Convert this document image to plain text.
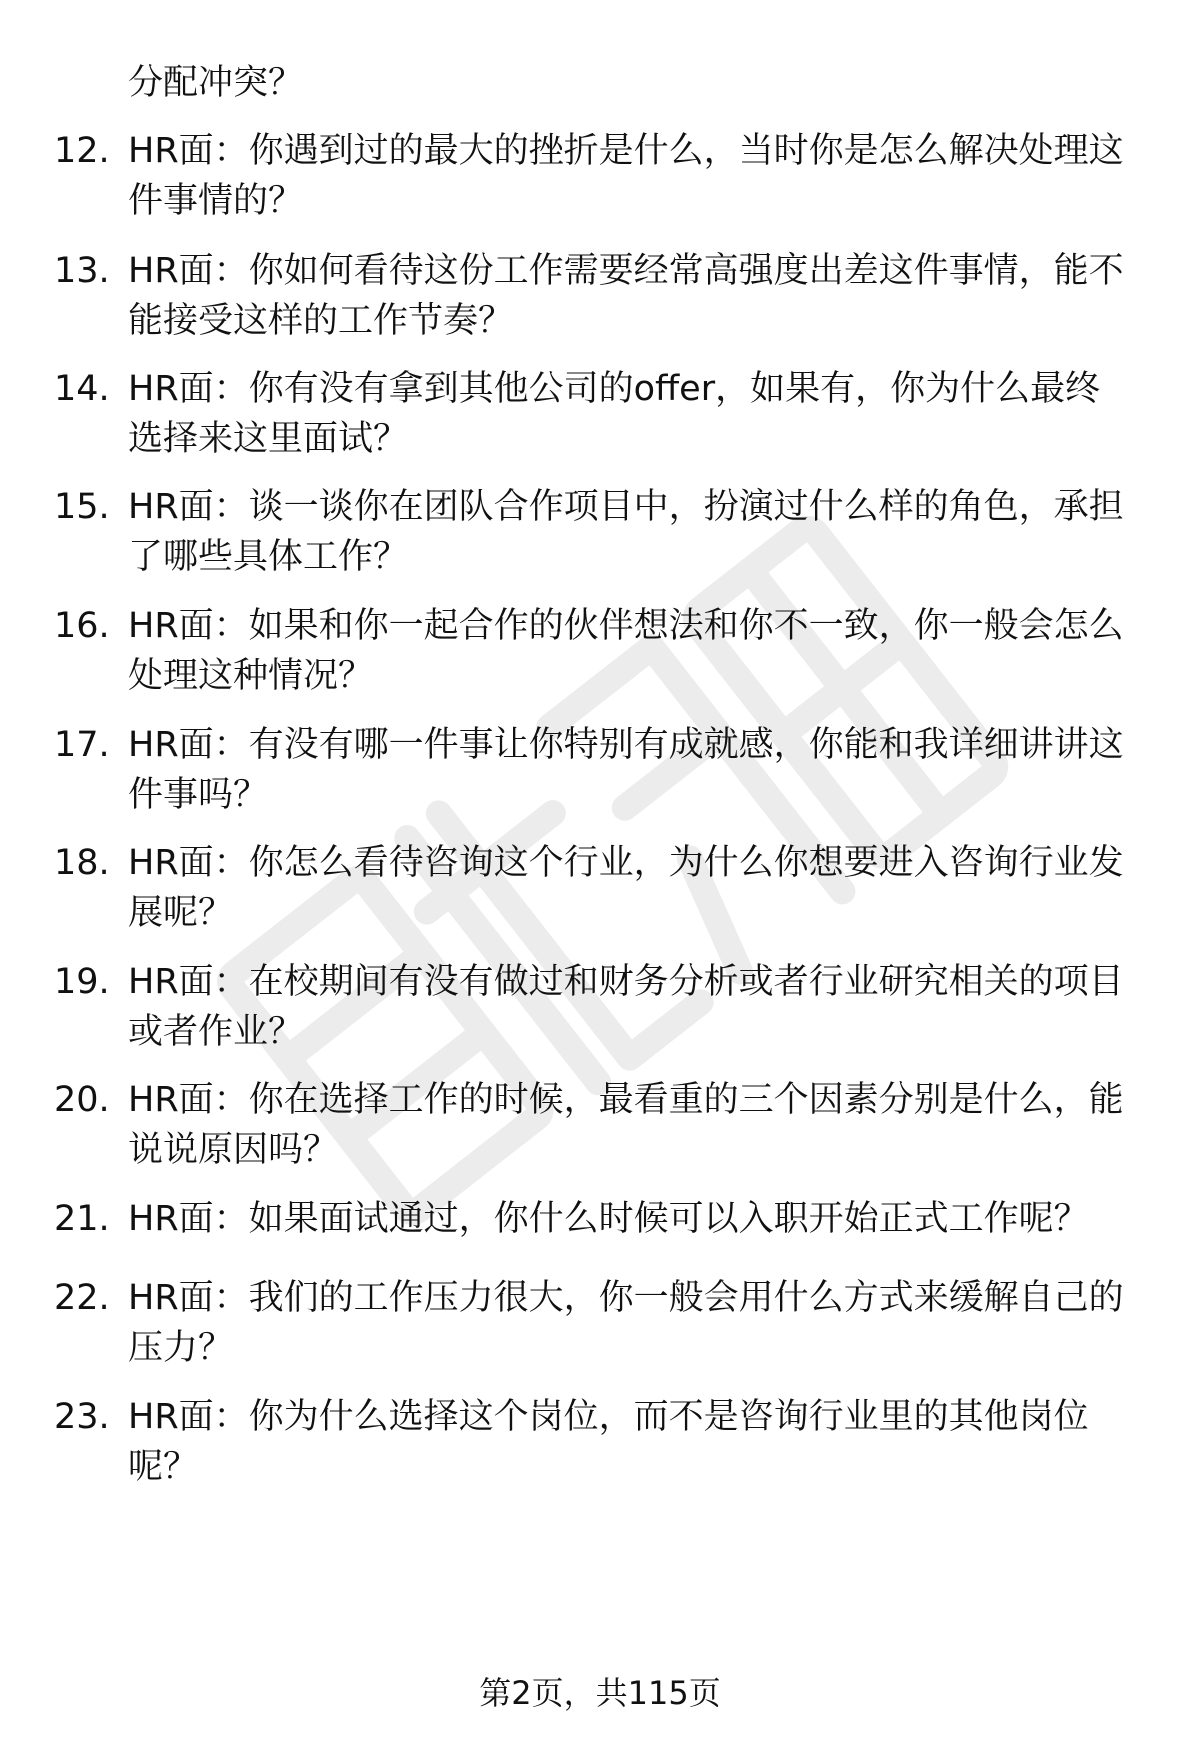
分配冲突？
12. HR面：你遇到过的最大的挫折是什么，当时你是怎么解决处理这
件事情的？
13. HR面：你如何看待这份工作需要经常高强度出差这件事情，能不
能接受这样的工作节奏？
14. HR面：你有没有拿到其他公司的offer，如果有，你为什么最终
选择来这里面试？
15. HR面：谈一谈你在团队合作项目中，扮演过什么样的角色，承担
了哪些具体工作？
16. HR面：如果和你一起合作的伙伴想法和你不一致，你一般会怎么
处理这种情况？
17. HR面：有没有哪一件事让你特别有成就感，你能和我详细讲讲这
件事吗？
18. HR面：你怎么看待咨询这个行业，为什么你想要进入咨询行业发
展呢？
19. HR面：在校期间有没有做过和财务分析或者行业研究相关的项目
或者作业？
20. HR面：你在选择工作的时候，最看重的三个因素分别是什么，能
说说原因吗？
21. HR面：如果面试通过，你什么时候可以入职开始正式工作呢？
22. HR面：我们的工作压力很大，你一般会用什么方式来缓解自己的
压力？
23. HR面：你为什么选择这个岗位，而不是咨询行业里的其他岗位
呢？
第2页，共115页
